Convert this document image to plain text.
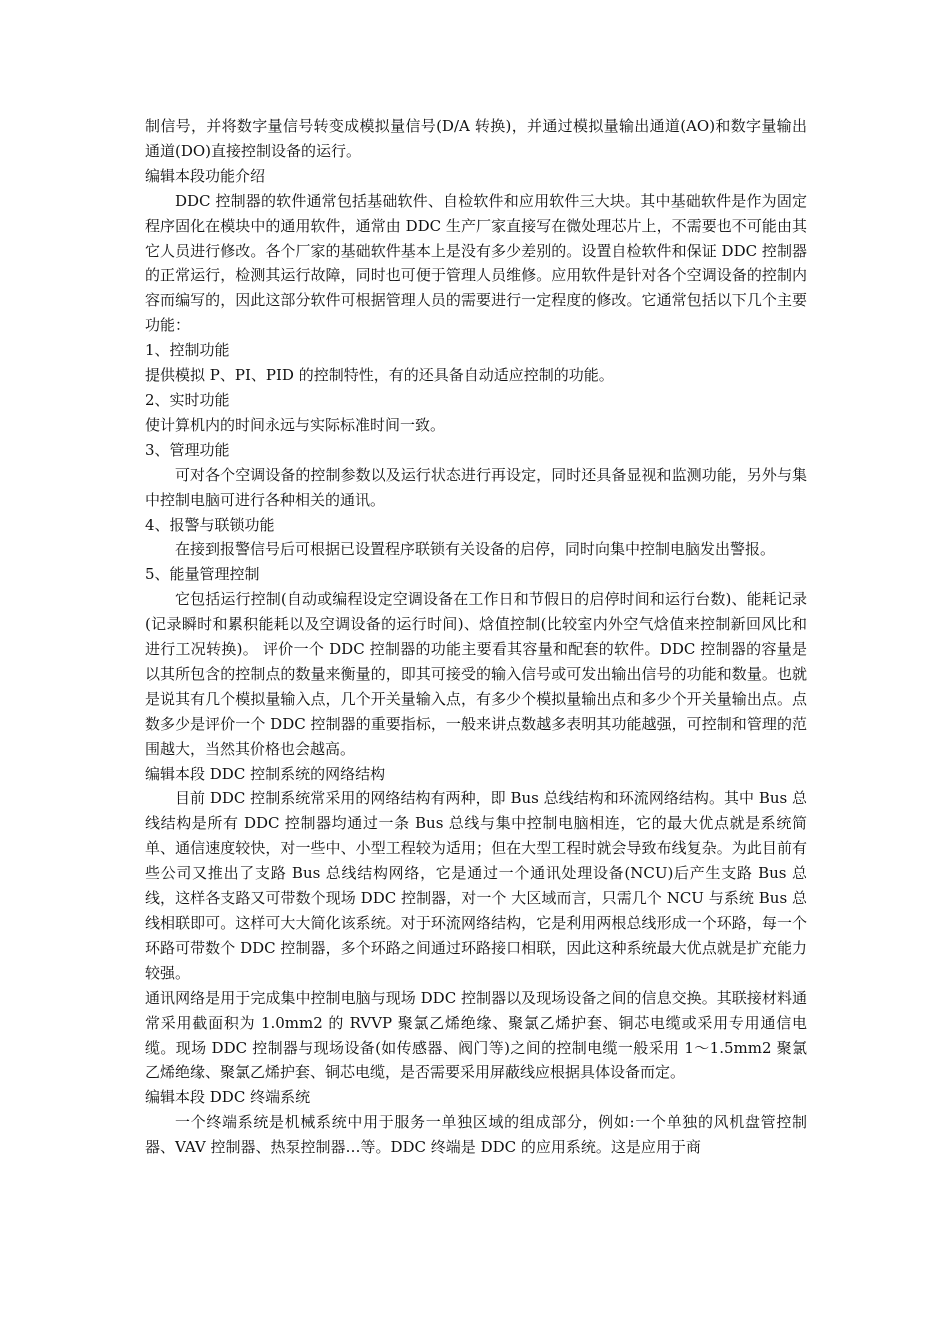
制信号，并将数字量信号转变成模拟量信号(D/A 转换)，并通过模拟量输出通道(AO)和数字量输出通道(DO)直接控制设备的运行。

编辑本段功能介绍

DDC 控制器的软件通常包括基础软件、自检软件和应用软件三大块。其中基础软件是作为固定程序固化在模块中的通用软件，通常由 DDC 生产厂家直接写在微处理芯片上，不需要也不可能由其它人员进行修改。各个厂家的基础软件基本上是没有多少差别的。设置自检软件和保证 DDC 控制器的正常运行，检测其运行故障，同时也可便于管理人员维修。应用软件是针对各个空调设备的控制内容而编写的，因此这部分软件可根据管理人员的需要进行一定程度的修改。它通常包括以下几个主要功能：

1、控制功能

提供模拟 P、PI、PID 的控制特性，有的还具备自动适应控制的功能。

2、实时功能

使计算机内的时间永远与实际标准时间一致。

3、管理功能

可对各个空调设备的控制参数以及运行状态进行再设定，同时还具备显视和监测功能，另外与集中控制电脑可进行各种相关的通讯。

4、报警与联锁功能

在接到报警信号后可根据已设置程序联锁有关设备的启停，同时向集中控制电脑发出警报。

5、能量管理控制

它包括运行控制(自动或编程设定空调设备在工作日和节假日的启停时间和运行台数)、能耗记录(记录瞬时和累积能耗以及空调设备的运行时间)、焓值控制(比较室内外空气焓值来控制新回风比和进行工况转换)。 评价一个 DDC 控制器的功能主要看其容量和配套的软件。DDC 控制器的容量是以其所包含的控制点的数量来衡量的，即其可接受的输入信号或可发出输出信号的功能和数量。也就是说其有几个模拟量输入点，几个开关量输入点，有多少个模拟量输出点和多少个开关量输出点。点数多少是评价一个 DDC 控制器的重要指标，一般来讲点数越多表明其功能越强，可控制和管理的范围越大，当然其价格也会越高。

编辑本段 DDC 控制系统的网络结构

目前 DDC 控制系统常采用的网络结构有两种，即 Bus 总线结构和环流网络结构。其中 Bus 总线结构是所有 DDC 控制器均通过一条 Bus 总线与集中控制电脑相连，它的最大优点就是系统简单、通信速度较快，对一些中、小型工程较为适用；但在大型工程时就会导致布线复杂。为此目前有些公司又推出了支路 Bus 总线结构网络，它是通过一个通讯处理设备(NCU)后产生支路 Bus 总线，这样各支路又可带数个现场 DDC 控制器，对一个 大区域而言，只需几个 NCU 与系统 Bus 总线相联即可。这样可大大简化该系统。对于环流网络结构，它是利用两根总线形成一个环路，每一个环路可带数个 DDC 控制器，多个环路之间通过环路接口相联，因此这种系统最大优点就是扩充能力较强。

通讯网络是用于完成集中控制电脑与现场 DDC 控制器以及现场设备之间的信息交换。其联接材料通常采用截面积为 1.0mm2 的 RVVP 聚氯乙烯绝缘、聚氯乙烯护套、铜芯电缆或采用专用通信电缆。现场 DDC 控制器与现场设备(如传感器、阀门等)之间的控制电缆一般采用 1～1.5mm2 聚氯乙烯绝缘、聚氯乙烯护套、铜芯电缆，是否需要采用屏蔽线应根据具体设备而定。

编辑本段 DDC 终端系统

一个终端系统是机械系统中用于服务一单独区域的组成部分，例如:一个单独的风机盘管控制器、VAV 控制器、热泵控制器…等。DDC 终端是 DDC 的应用系统。这是应用于商
